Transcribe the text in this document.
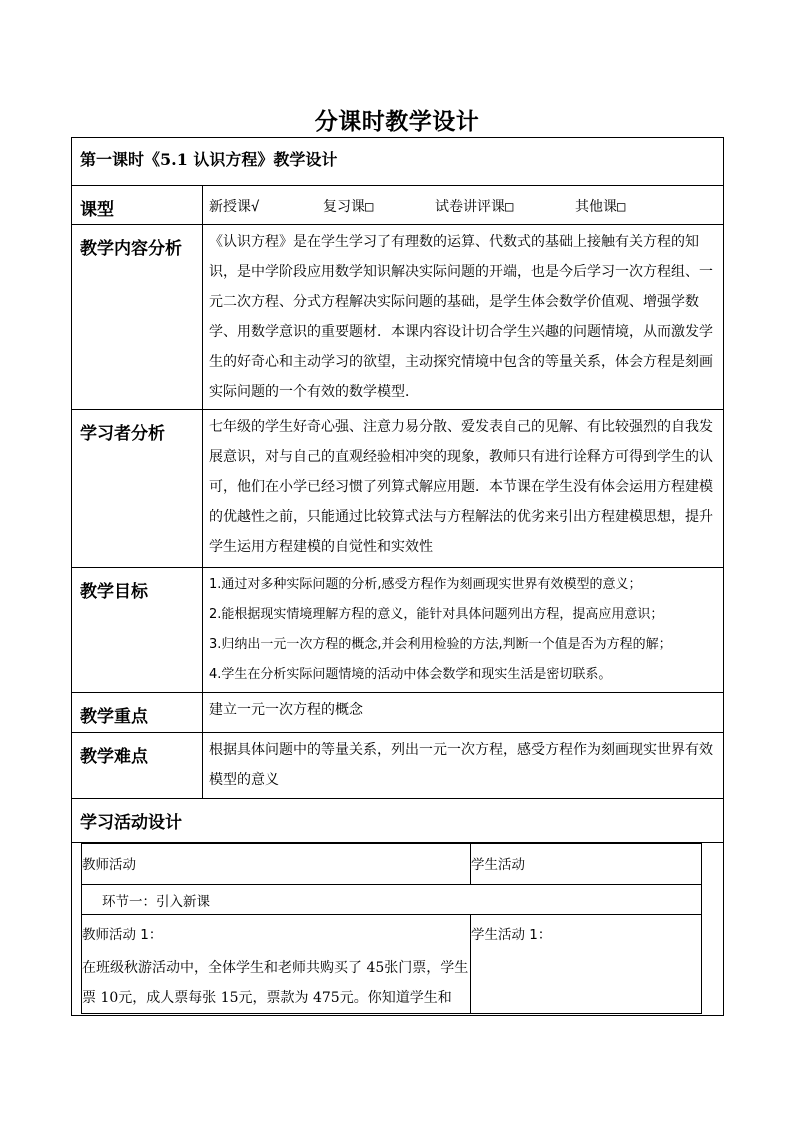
分课时教学设计
第一课时《5.1 认识方程》教学设计
课型	新授课√	复习课□	试卷讲评课□	其他课□

教学内容分析	《认识方程》是在学生学习了有理数的运算、代数式的基础上接触有关方程的知识，是中学阶段应用数学知识解决实际问题的开端，也是今后学习一次方程组、一元二次方程、分式方程解决实际问题的基础，是学生体会数学价值观、增强学数学、用数学意识的重要题材．本课内容设计切合学生兴趣的问题情境，从而激发学生的好奇心和主动学习的欲望，主动探究情境中包含的等量关系，体会方程是刻画实际问题的一个有效的数学模型．
学习者分析	七年级的学生好奇心强、注意力易分散、爱发表自己的见解、有比较强烈的自我发展意识，对与自己的直观经验相冲突的现象，教师只有进行诠释方可得到学生的认可，他们在小学已经习惯了列算式解应用题．本节课在学生没有体会运用方程建模的优越性之前，只能通过比较算式法与方程解法的优劣来引出方程建模思想，提升学生运用方程建模的自觉性和实效性
教学目标	1.通过对多种实际问题的分析,感受方程作为刻画现实世界有效模型的意义；
2.能根据现实情境理解方程的意义，能针对具体问题列出方程，提高应用意识；
3.归纳出一元一次方程的概念,并会利用检验的方法,判断一个值是否为方程的解；
4.学生在分析实际问题情境的活动中体会数学和现实生活是密切联系。

教学重点	建立一元一次方程的概念
教学难点	根据具体问题中的等量关系，列出一元一次方程，感受方程作为刻画现实世界有效模型的意义
学习活动设计

教师活动	学生活动
环节一：引入新课

教师活动 1：
在班级秋游活动中，全体学生和老师共购买了 45张门票，学生票 10元，成人票每张 15元，票款为 475元。你知道学生和

学生活动 1：
